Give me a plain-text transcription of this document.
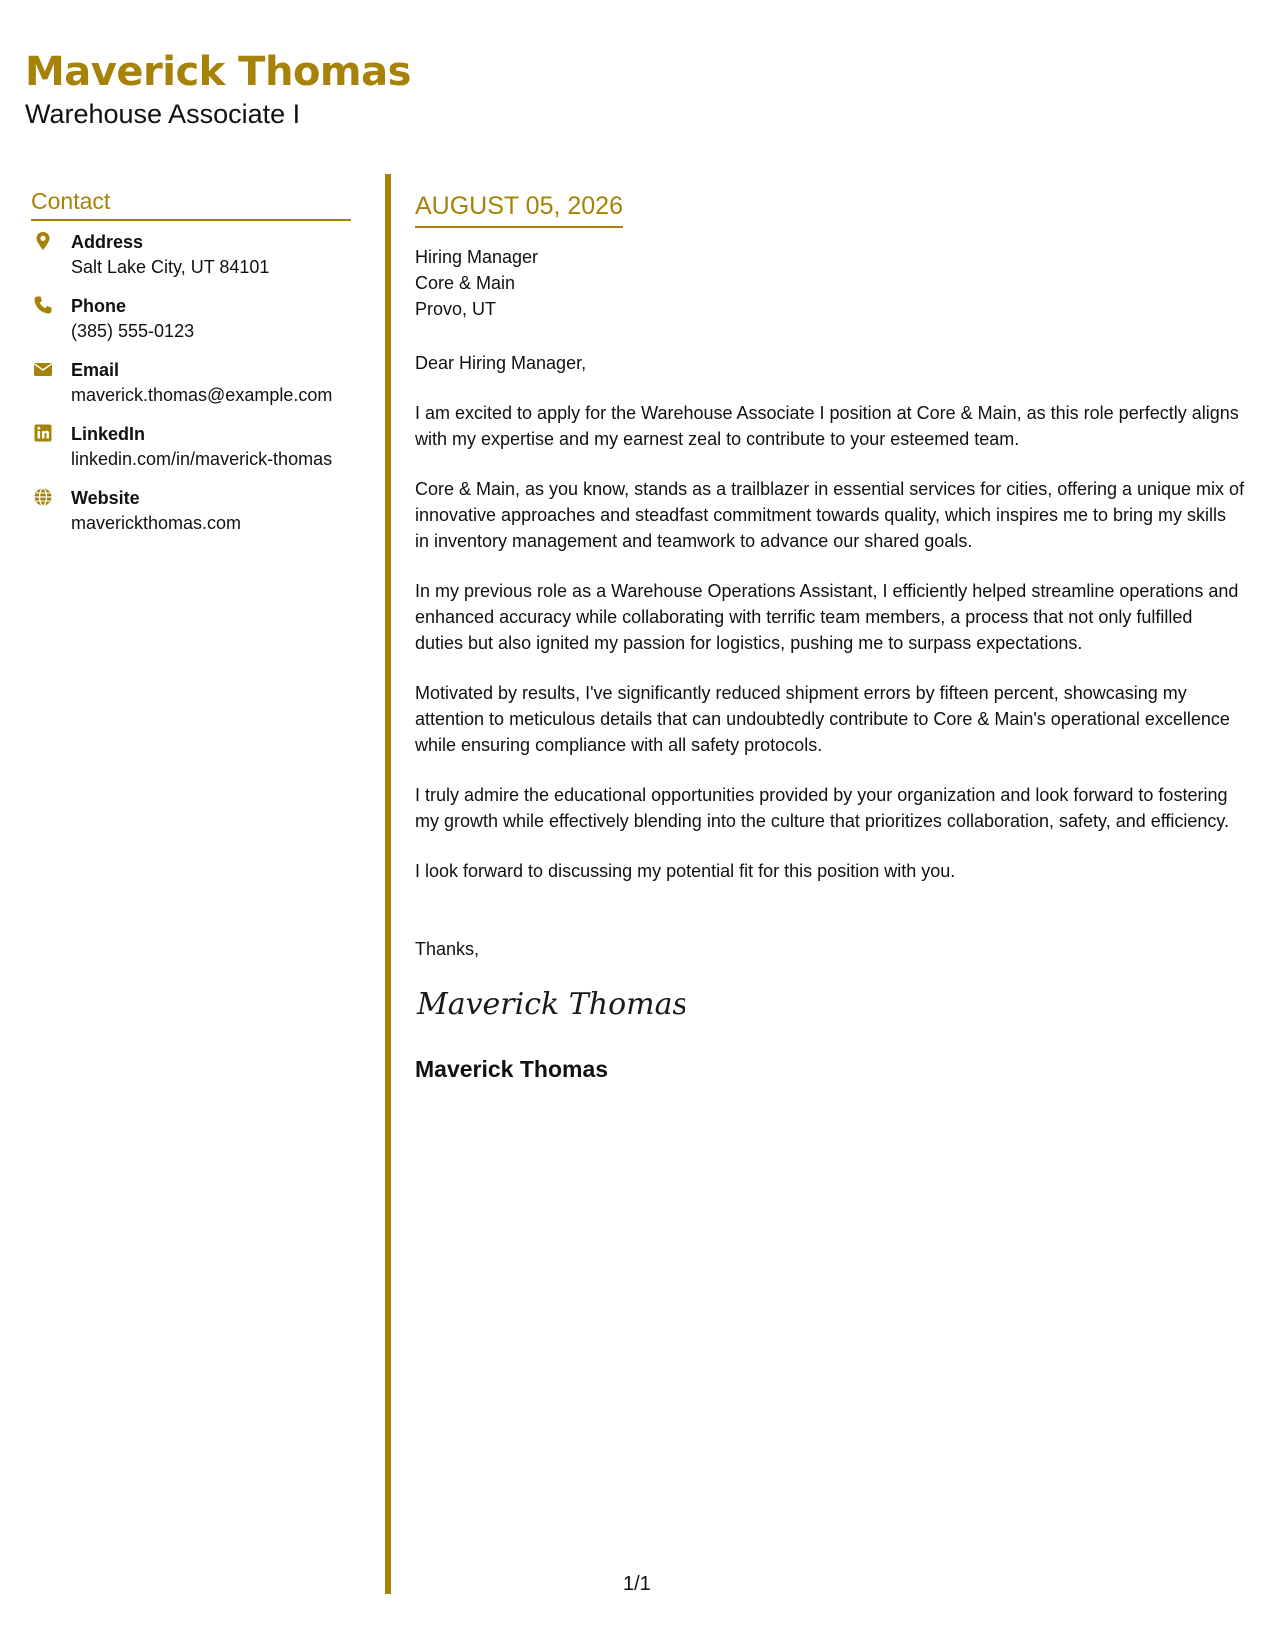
Maverick Thomas
Warehouse Associate I
Contact
Address
Salt Lake City, UT 84101
Phone
(385) 555-0123
Email
maverick.thomas@example.com
LinkedIn
linkedin.com/in/maverick-thomas
Website
maverickthomas.com
AUGUST 05, 2026
Hiring Manager
Core & Main
Provo, UT
Dear Hiring Manager,
I am excited to apply for the Warehouse Associate I position at Core & Main, as this role perfectly aligns with my expertise and my earnest zeal to contribute to your esteemed team.
Core & Main, as you know, stands as a trailblazer in essential services for cities, offering a unique mix of innovative approaches and steadfast commitment towards quality, which inspires me to bring my skills in inventory management and teamwork to advance our shared goals.
In my previous role as a Warehouse Operations Assistant, I efficiently helped streamline operations and enhanced accuracy while collaborating with terrific team members, a process that not only fulfilled duties but also ignited my passion for logistics, pushing me to surpass expectations.
Motivated by results, I've significantly reduced shipment errors by fifteen percent, showcasing my attention to meticulous details that can undoubtedly contribute to Core & Main's operational excellence while ensuring compliance with all safety protocols.
I truly admire the educational opportunities provided by your organization and look forward to fostering my growth while effectively blending into the culture that prioritizes collaboration, safety, and efficiency.
I look forward to discussing my potential fit for this position with you.
Thanks,
Maverick Thomas
Maverick Thomas
1/1
